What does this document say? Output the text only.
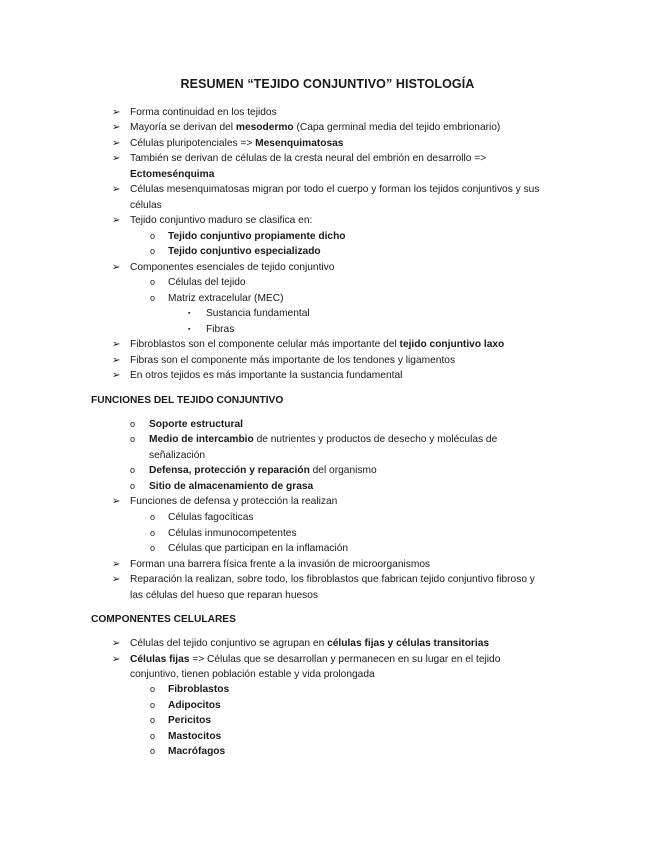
RESUMEN “TEJIDO CONJUNTIVO” HISTOLOGÍA
➢ Forma continuidad en los tejidos
➢ Mayoría se derivan del mesodermo (Capa germinal media del tejido embrionario)
➢ Células pluripotenciales => Mesenquimatosas
➢ También se derivan de células de la cresta neural del embrión en desarrollo =>
Ectomesénquima
➢ Células mesenquimatosas migran por todo el cuerpo y forman los tejidos conjuntivos y sus
células
➢ Tejido conjuntivo maduro se clasifica en:
o Tejido conjuntivo propiamente dicho
o Tejido conjuntivo especializado
➢ Componentes esenciales de tejido conjuntivo
o Células del tejido
o Matriz extracelular (MEC)
▪ Sustancia fundamental
▪ Fibras
➢ Fibroblastos son el componente celular más importante del tejido conjuntivo laxo
➢ Fibras son el componente más importante de los tendones y ligamentos
➢ En otros tejidos es más importante la sustancia fundamental
FUNCIONES DEL TEJIDO CONJUNTIVO
o Soporte estructural
o Medio de intercambio de nutrientes y productos de desecho y moléculas de
señalización
o Defensa, protección y reparación del organismo
o Sitio de almacenamiento de grasa
➢ Funciones de defensa y protección la realizan
o Células fagocíticas
o Células inmunocompetentes
o Células que participan en la inflamación
➢ Forman una barrera física frente a la invasión de microorganismos
➢ Reparación la realizan, sobre todo, los fibroblastos que fabrican tejido conjuntivo fibroso y
las células del hueso que reparan huesos
COMPONENTES CELULARES
➢ Células del tejido conjuntivo se agrupan en células fijas y células transitorias
➢ Células fijas => Células que se desarrollan y permanecen en su lugar en el tejido
conjuntivo, tienen población estable y vida prolongada
o Fibroblastos
o Adipocitos
o Pericitos
o Mastocitos
o Macrófagos
